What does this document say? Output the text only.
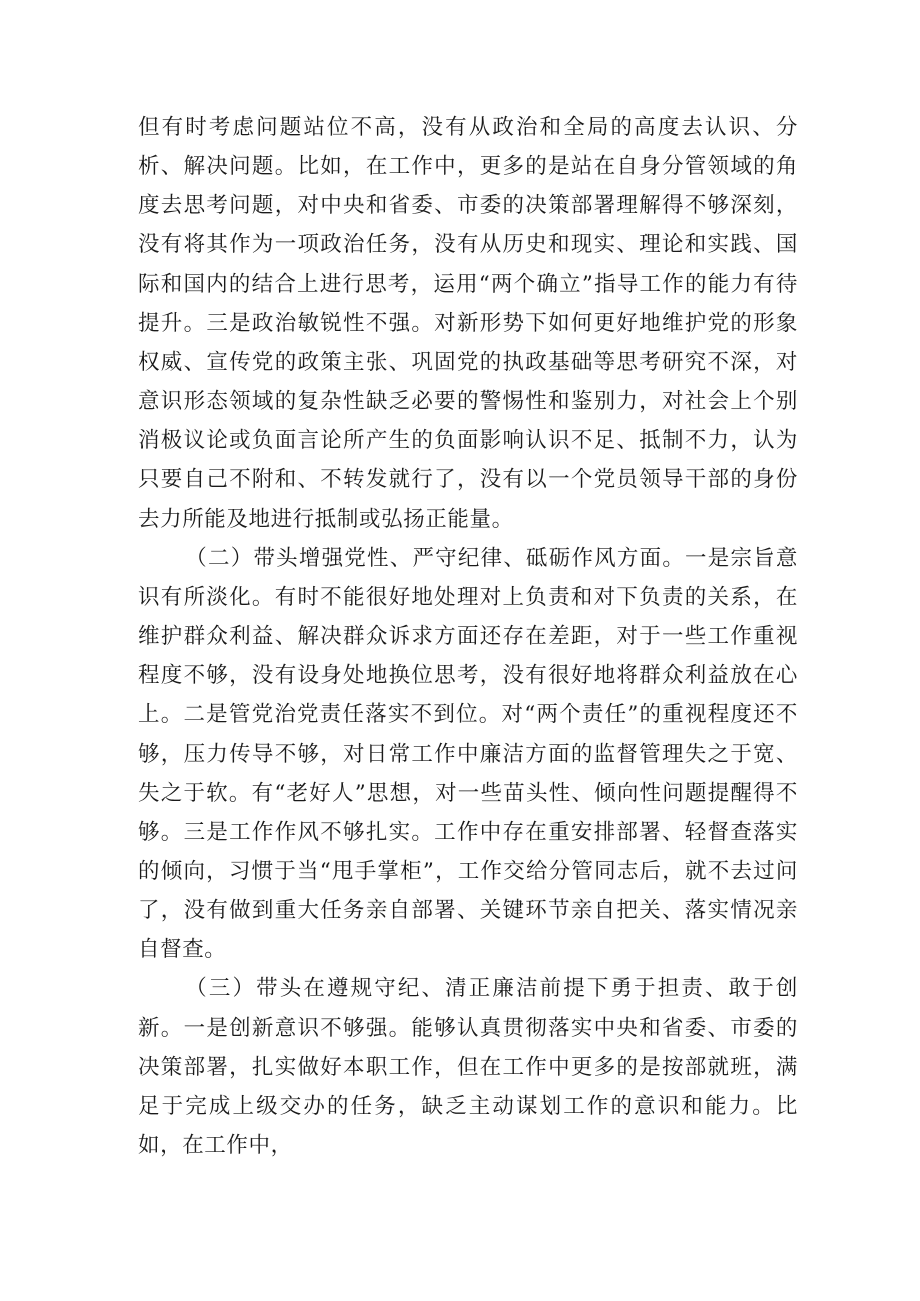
但有时考虑问题站位不高，没有从政治和全局的高度去认识、分析、解决问题。比如，在工作中，更多的是站在自身分管领域的角度去思考问题，对中央和省委、市委的决策部署理解得不够深刻，没有将其作为一项政治任务，没有从历史和现实、理论和实践、国际和国内的结合上进行思考，运用“两个确立”指导工作的能力有待提升。三是政治敏锐性不强。对新形势下如何更好地维护党的形象权威、宣传党的政策主张、巩固党的执政基础等思考研究不深，对意识形态领域的复杂性缺乏必要的警惕性和鉴别力，对社会上个别消极议论或负面言论所产生的负面影响认识不足、抵制不力，认为只要自己不附和、不转发就行了，没有以一个党员领导干部的身份去力所能及地进行抵制或弘扬正能量。

（二）带头增强党性、严守纪律、砥砺作风方面。一是宗旨意识有所淡化。有时不能很好地处理对上负责和对下负责的关系，在维护群众利益、解决群众诉求方面还存在差距，对于一些工作重视程度不够，没有设身处地换位思考，没有很好地将群众利益放在心上。二是管党治党责任落实不到位。对“两个责任”的重视程度还不够，压力传导不够，对日常工作中廉洁方面的监督管理失之于宽、失之于软。有“老好人”思想，对一些苗头性、倾向性问题提醒得不够。三是工作作风不够扎实。工作中存在重安排部署、轻督查落实的倾向，习惯于当“甩手掌柜”，工作交给分管同志后，就不去过问了，没有做到重大任务亲自部署、关键环节亲自把关、落实情况亲自督查。

（三）带头在遵规守纪、清正廉洁前提下勇于担责、敢于创新。一是创新意识不够强。能够认真贯彻落实中央和省委、市委的决策部署，扎实做好本职工作，但在工作中更多的是按部就班，满足于完成上级交办的任务，缺乏主动谋划工作的意识和能力。比如，在工作中，
